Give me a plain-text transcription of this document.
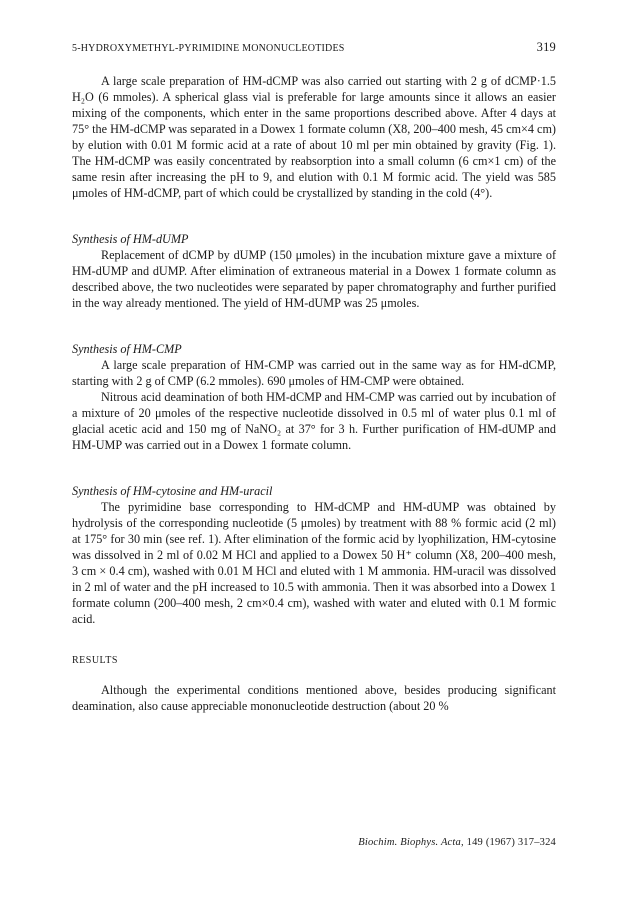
5-HYDROXYMETHYL-PYRIMIDINE MONONUCLEOTIDES	319

A large scale preparation of HM-dCMP was also carried out starting with 2 g of dCMP·1.5 H₂O (6 mmoles). A spherical glass vial is preferable for large amounts since it allows an easier mixing of the components, which enter in the same proportions described above. After 4 days at 75° the HM-dCMP was separated in a Dowex 1 formate column (X8, 200–400 mesh, 45 cm×4 cm) by elution with 0.01 M formic acid at a rate of about 10 ml per min obtained by gravity (Fig. 1). The HM-dCMP was easily concentrated by reabsorption into a small column (6 cm×1 cm) of the same resin after increasing the pH to 9, and elution with 0.1 M formic acid. The yield was 585 μmoles of HM-dCMP, part of which could be crystallized by standing in the cold (4°).

Synthesis of HM-dUMP

Replacement of dCMP by dUMP (150 μmoles) in the incubation mixture gave a mixture of HM-dUMP and dUMP. After elimination of extraneous material in a Dowex 1 formate column as described above, the two nucleotides were separated by paper chromatography and further purified in the way already mentioned. The yield of HM-dUMP was 25 μmoles.

Synthesis of HM-CMP

A large scale preparation of HM-CMP was carried out in the same way as for HM-dCMP, starting with 2 g of CMP (6.2 mmoles). 690 μmoles of HM-CMP were obtained.

Nitrous acid deamination of both HM-dCMP and HM-CMP was carried out by incubation of a mixture of 20 μmoles of the respective nucleotide dissolved in 0.5 ml of water plus 0.1 ml of glacial acetic acid and 150 mg of NaNO₂ at 37° for 3 h. Further purification of HM-dUMP and HM-UMP was carried out in a Dowex 1 formate column.

Synthesis of HM-cytosine and HM-uracil

The pyrimidine base corresponding to HM-dCMP and HM-dUMP was obtained by hydrolysis of the corresponding nucleotide (5 μmoles) by treatment with 88 % formic acid (2 ml) at 175° for 30 min (see ref. 1). After elimination of the formic acid by lyophilization, HM-cytosine was dissolved in 2 ml of 0.02 M HCl and applied to a Dowex 50 H⁺ column (X8, 200–400 mesh, 3 cm × 0.4 cm), washed with 0.01 M HCl and eluted with 1 M ammonia. HM-uracil was dissolved in 2 ml of water and the pH increased to 10.5 with ammonia. Then it was absorbed into a Dowex 1 formate column (200–400 mesh, 2 cm×0.4 cm), washed with water and eluted with 0.1 M formic acid.

RESULTS

Although the experimental conditions mentioned above, besides producing significant deamination, also cause appreciable mononucleotide destruction (about 20 %

Biochim. Biophys. Acta, 149 (1967) 317–324
